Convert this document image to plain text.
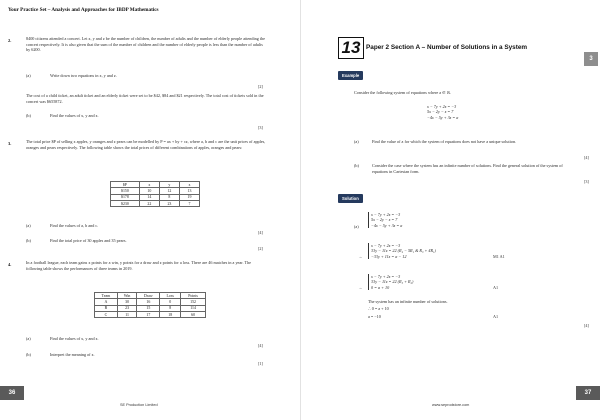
Your Practice Set – Analysis and Approaches for IBDP Mathematics
2.	8400 citizens attended a concert. Let x, y and z be the number of children, the number of adults and the number of elderly people attending the concert respectively. It is also given that the sum of the number of children and the number of elderly people is less than the number of adults by 6200.
(a)	Write down two equations in x, y and z.
[2]
The cost of a child ticket, an adult ticket and an elderly ticket were set to be $42, $84 and $21 respectively. The total cost of tickets sold in the concert was $655872.
(b)	Find the values of x, y and z.
[3]
3.	The total price $P of selling x apples, y oranges and z pears can be modelled by P = ax + by + cz, where a, b and c are the unit prices of apples, oranges and pears respectively. The following table shows the total prices of different combinations of apples, oranges and pears:
$P	x	y	z
$150	10	12	13
$178	14	8	19
$230	22	23	7
(a)	Find the values of a, b and c.
[4]
(b)	Find the total price of 30 apples and 35 pears.
[2]
4.	In a football league, each team gains x points for a win, y points for a draw and z points for a loss. There are 46 matches in a year. The following table shows the performances of three teams in 2019.
Team	Win	Draw	Loss	Points
A	30	16	0	152
B	23	15	8	114
C	11	17	18	60
(a)	Find the values of x, y and z.
[4]
(b)	Interpret the meaning of z.
[1]
36
SE Production Limited
13 Paper 2 Section A – Number of Solutions in a System
Example
3
Consider the following system of equations where a ∈ ℝ.
x − 7y + 2z = −3
5x − 2y − z = 7
−4x − 5y + 3z = a
(a)	Find the value of a for which the system of equations does not have a unique solution.
[4]
(b)	Consider the case where the system has an infinite number of solutions. Find the general solution of the system of equations in Cartesian form.
[3]
Solution
(a)
x − 7y + 2z = −3
5x − 2y − z = 7
−4x − 5y + 3z = a
→
x − 7y + 2z = −3
33y − 11z = 22 (R₂ − 5R₁ & R₃ + 4R₁)
−33y + 11z = a − 12	M1 A1
→
x − 7y + 2z = −3
33y − 11z = 22 (R₃ + R₂)
0 = a + 10	A1
The system has an infinite number of solutions.
∴ 0 = a + 10
a = −10	A1
[4]
37
www.seprodstore.com
